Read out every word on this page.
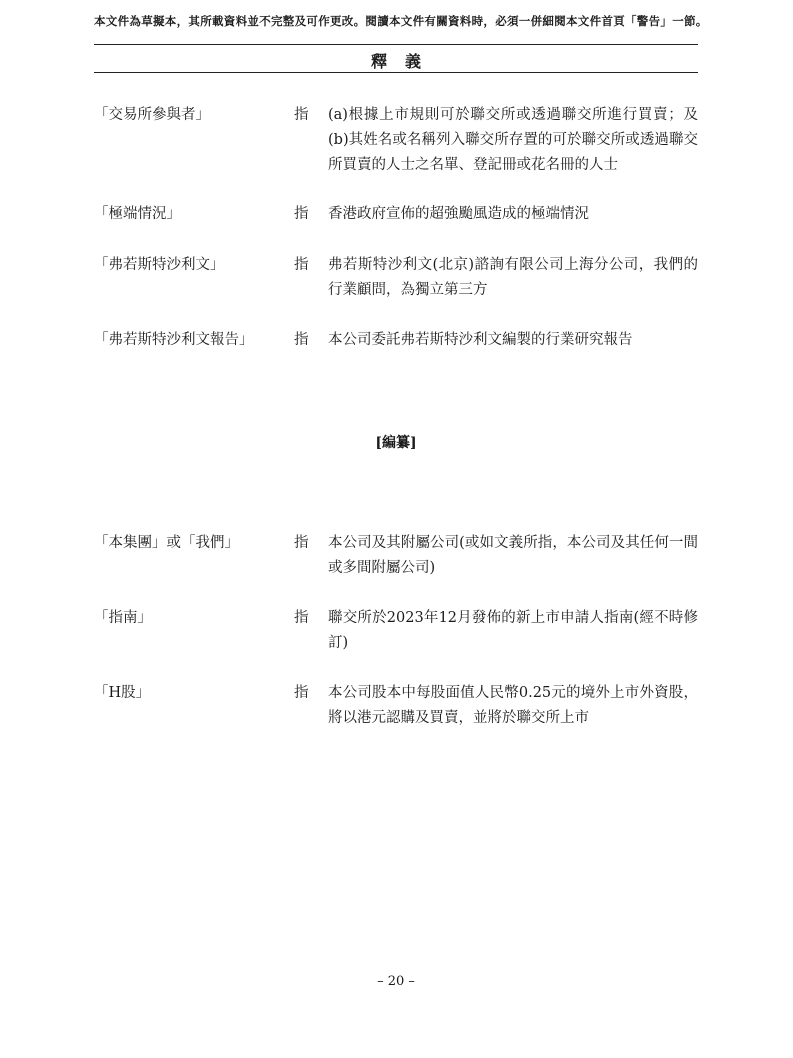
本文件為草擬本，其所載資料並不完整及可作更改。閱讀本文件有關資料時，必須一併細閱本文件首頁「警告」一節。
釋義
「交易所參與者」	指 (a)根據上市規則可於聯交所或透過聯交所進行買賣；及(b)其姓名或名稱列入聯交所存置的可於聯交所或透過聯交所買賣的人士之名單、登記冊或花名冊的人士
「極端情況」	指 香港政府宣佈的超強颱風造成的極端情況
「弗若斯特沙利文」	指 弗若斯特沙利文(北京)諮詢有限公司上海分公司，我們的行業顧問，為獨立第三方
「弗若斯特沙利文報告」	指 本公司委託弗若斯特沙利文編製的行業研究報告
[編纂]
「本集團」或「我們」	指 本公司及其附屬公司(或如文義所指，本公司及其任何一間或多間附屬公司)
「指南」	指 聯交所於2023年12月發佈的新上市申請人指南(經不時修訂)
「H股」	指 本公司股本中每股面值人民幣0.25元的境外上市外資股，將以港元認購及買賣，並將於聯交所上市
– 20 –
